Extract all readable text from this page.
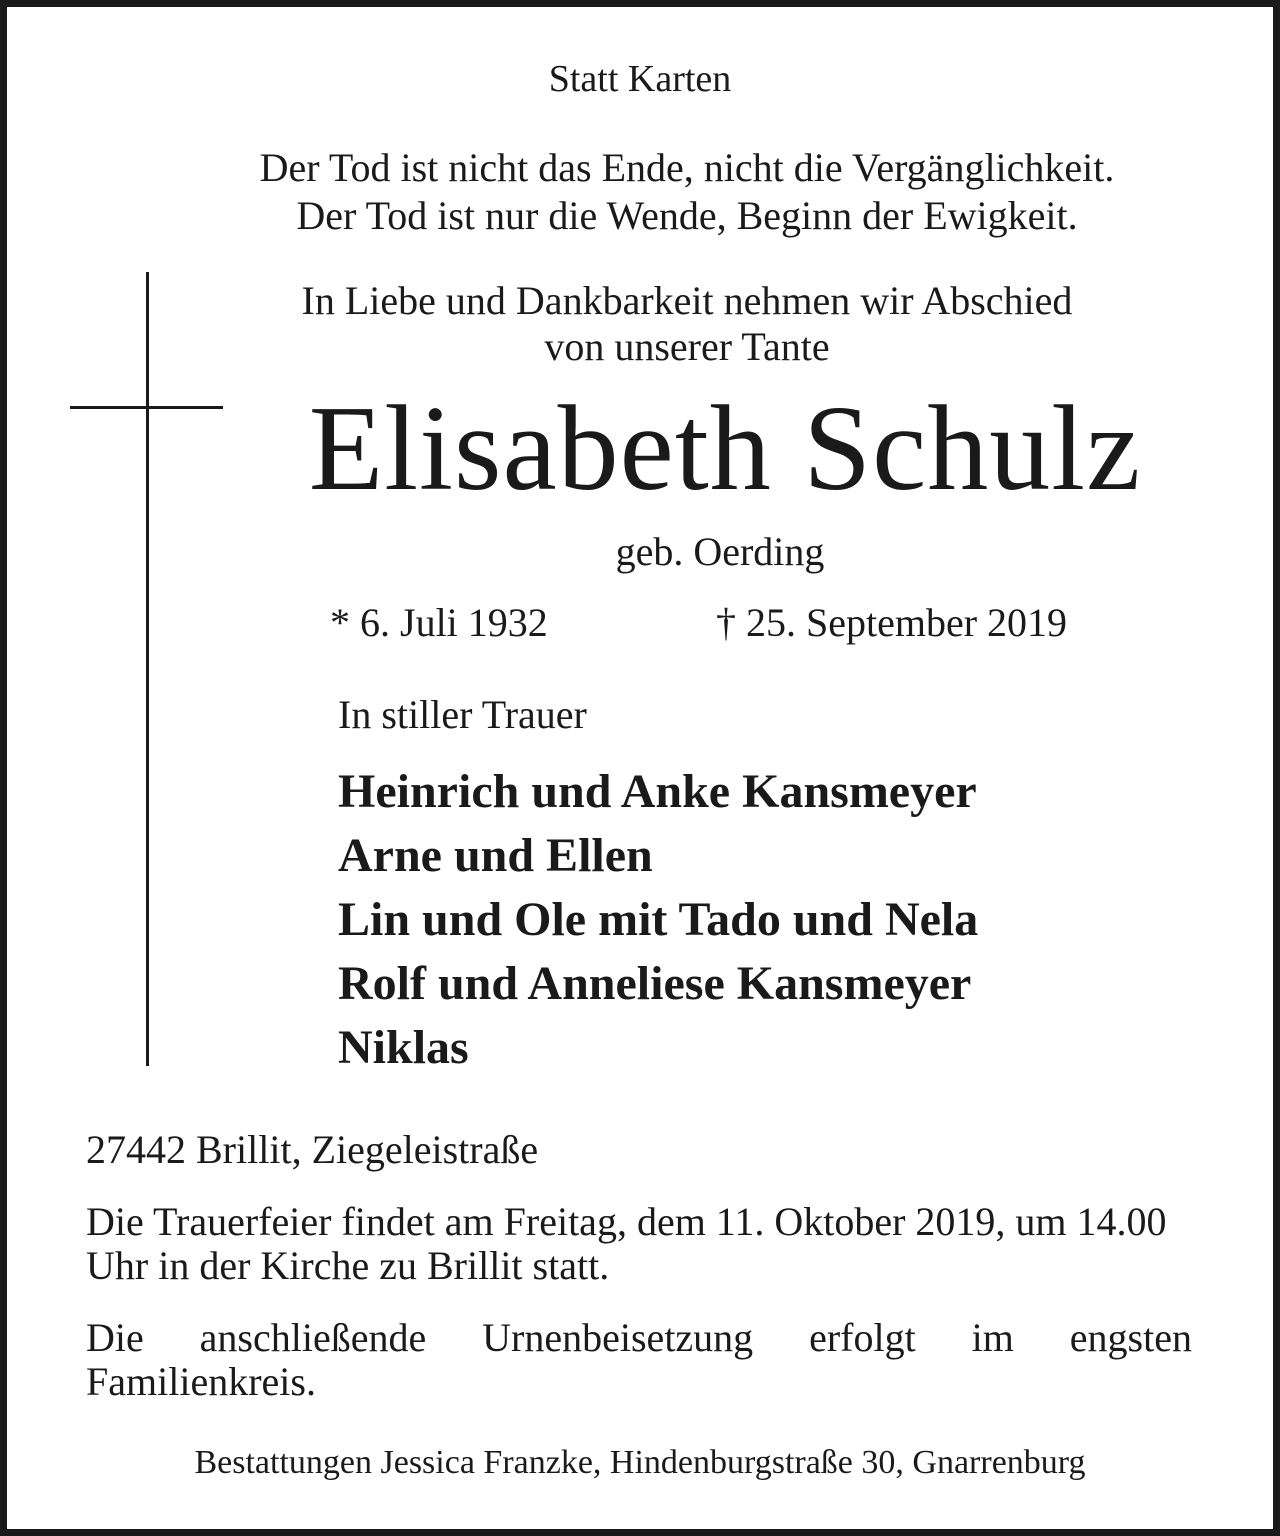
Statt Karten
Der Tod ist nicht das Ende, nicht die Vergänglichkeit.
Der Tod ist nur die Wende, Beginn der Ewigkeit.
In Liebe und Dankbarkeit nehmen wir Abschied
von unserer Tante
Elisabeth Schulz
geb. Oerding
* 6. Juli 1932	† 25. September 2019
In stiller Trauer
Heinrich und Anke Kansmeyer
Arne und Ellen
Lin und Ole mit Tado und Nela
Rolf und Anneliese Kansmeyer
Niklas
27442 Brillit, Ziegeleistraße
Die Trauerfeier findet am Freitag, dem 11. Oktober 2019, um 14.00 Uhr in der Kirche zu Brillit statt.
Die anschließende Urnenbeisetzung erfolgt im engsten Familienkreis.
Bestattungen Jessica Franzke, Hindenburgstraße 30, Gnarrenburg
